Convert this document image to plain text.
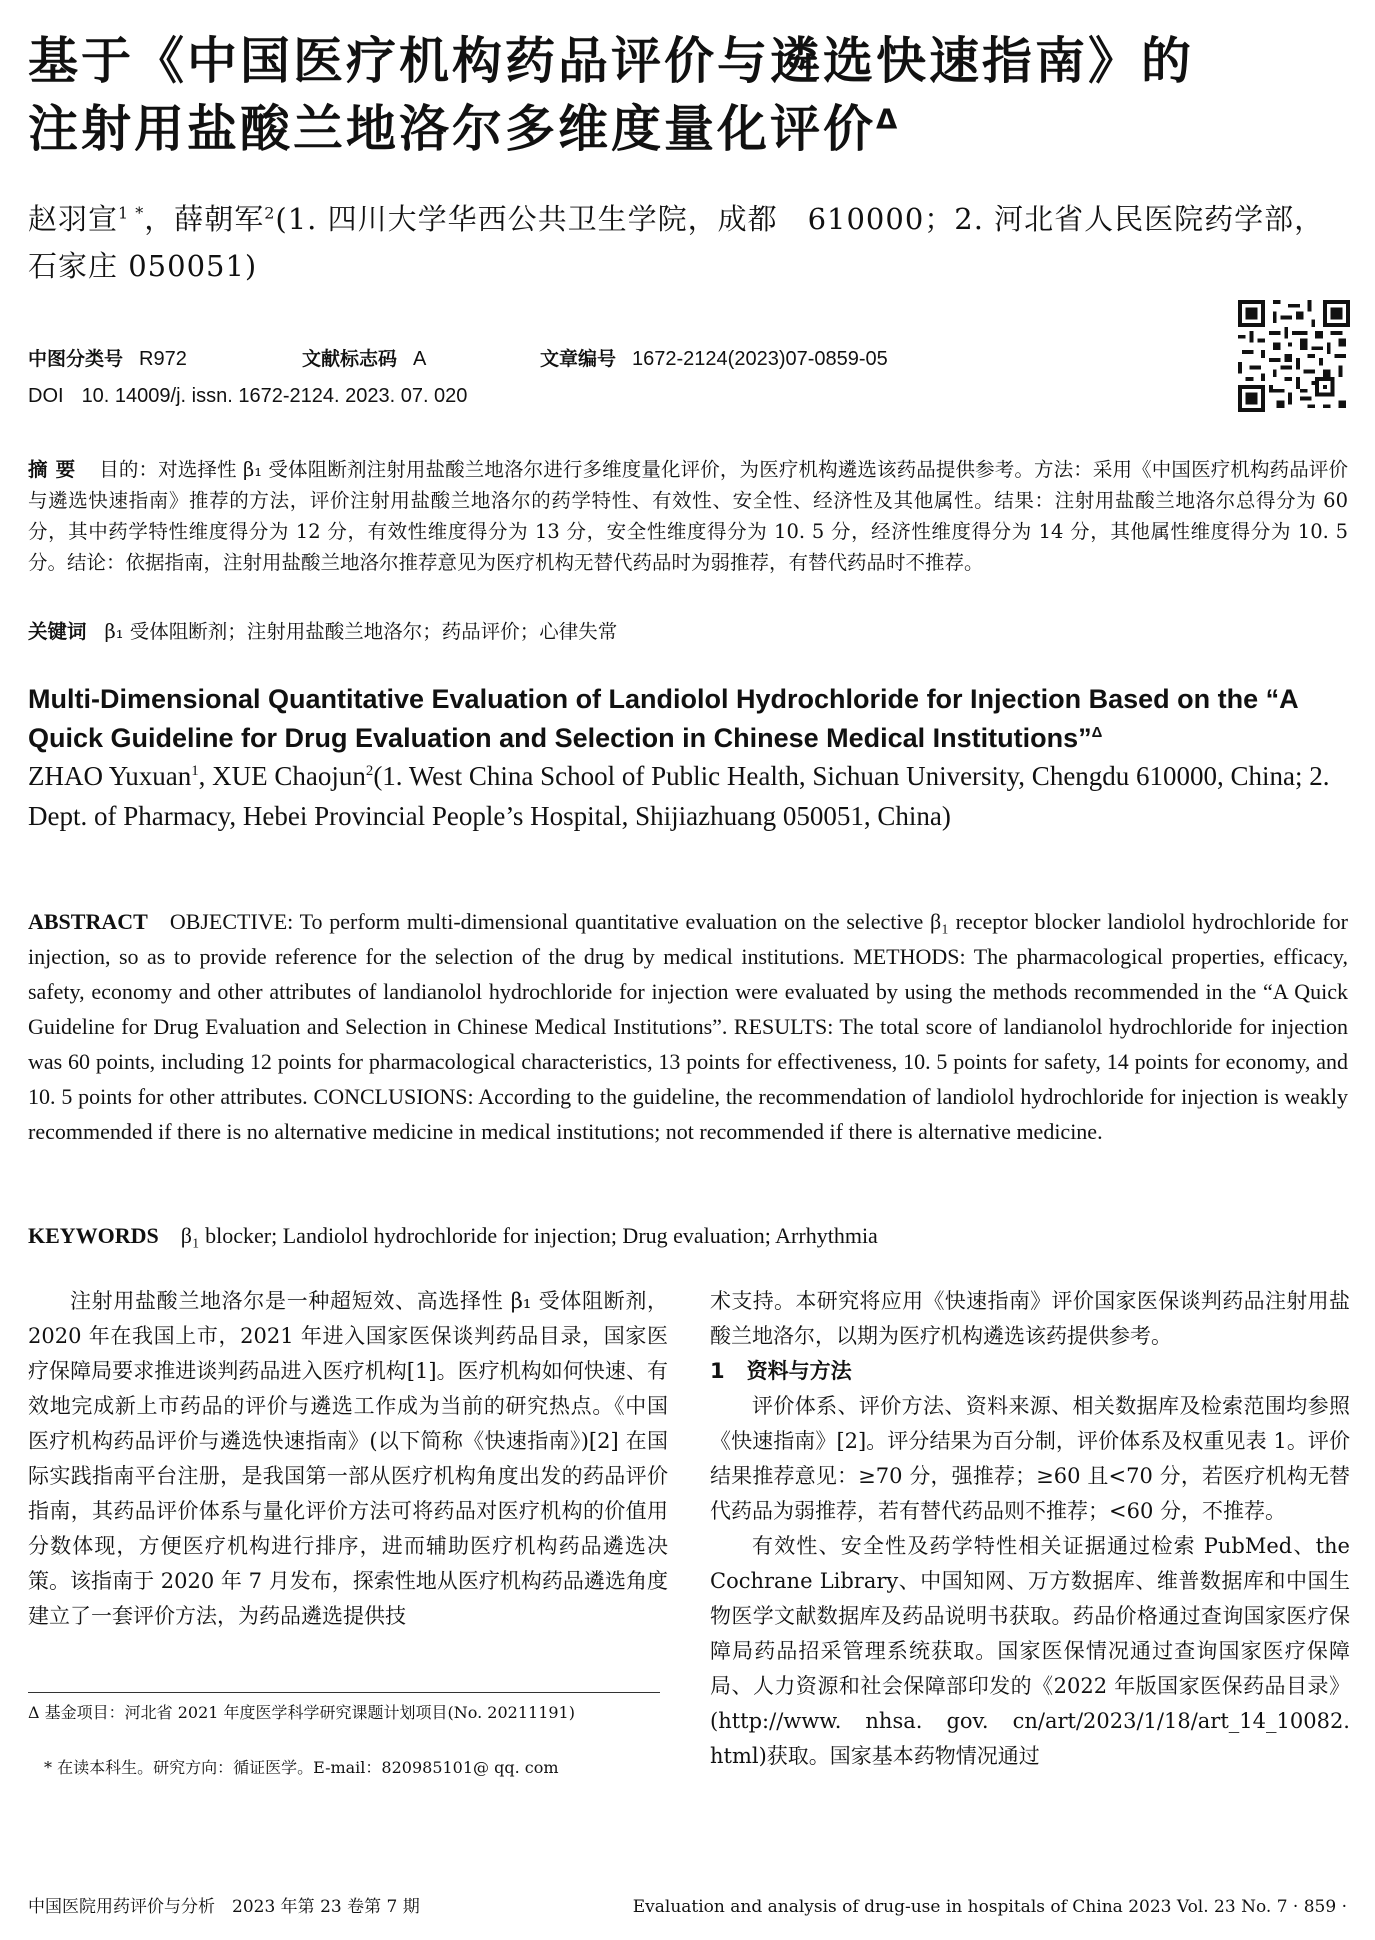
基于《中国医疗机构药品评价与遴选快速指南》的
注射用盐酸兰地洛尔多维度量化评价$^\Delta$
赵羽宣$^{1 *}$，薛朝军$^2$(1. 四川大学华西公共卫生学院，成都　610000；2. 河北省人民医院药学部，石家庄 050051)
中图分类号 R972	文献标志码 A	文章编号 1672-2124(2023)07-0859-05
DOI 10. 14009/j. issn. 1672-2124. 2023. 07. 020
摘要 目的：对选择性 β₁ 受体阻断剂注射用盐酸兰地洛尔进行多维度量化评价，为医疗机构遴选该药品提供参考。方法：采用《中国医疗机构药品评价与遴选快速指南》推荐的方法，评价注射用盐酸兰地洛尔的药学特性、有效性、安全性、经济性及其他属性。结果：注射用盐酸兰地洛尔总得分为 60 分，其中药学特性维度得分为 12 分，有效性维度得分为 13 分，安全性维度得分为 10. 5 分，经济性维度得分为 14 分，其他属性维度得分为 10. 5 分。结论：依据指南，注射用盐酸兰地洛尔推荐意见为医疗机构无替代药品时为弱推荐，有替代药品时不推荐。
关键词 β₁ 受体阻断剂；注射用盐酸兰地洛尔；药品评价；心律失常
Multi-Dimensional Quantitative Evaluation of Landiolol Hydrochloride for Injection Based on the “A Quick Guideline for Drug Evaluation and Selection in Chinese Medical Institutions”$^\Delta$
ZHAO Yuxuan$^1$, XUE Chaojun$^2$(1. West China School of Public Health, Sichuan University, Chengdu 610000, China; 2. Dept. of Pharmacy, Hebei Provincial People’s Hospital, Shijiazhuang 050051, China)
ABSTRACT OBJECTIVE: To perform multi-dimensional quantitative evaluation on the selective β₁ receptor blocker landiolol hydrochloride for injection, so as to provide reference for the selection of the drug by medical institutions. METHODS: The pharmacological properties, efficacy, safety, economy and other attributes of landianolol hydrochloride for injection were evaluated by using the methods recommended in the “A Quick Guideline for Drug Evaluation and Selection in Chinese Medical Institutions”. RESULTS: The total score of landianolol hydrochloride for injection was 60 points, including 12 points for pharmacological characteristics, 13 points for effectiveness, 10. 5 points for safety, 14 points for economy, and 10. 5 points for other attributes. CONCLUSIONS: According to the guideline, the recommendation of landiolol hydrochloride for injection is weakly recommended if there is no alternative medicine in medical institutions; not recommended if there is alternative medicine.
KEYWORDS β₁ blocker; Landiolol hydrochloride for injection; Drug evaluation; Arrhythmia

注射用盐酸兰地洛尔是一种超短效、高选择性 β₁ 受体阻断剂，2020 年在我国上市，2021 年进入国家医保谈判药品目录，国家医疗保障局要求推进谈判药品进入医疗机构[1]。医疗机构如何快速、有效地完成新上市药品的评价与遴选工作成为当前的研究热点。《中国医疗机构药品评价与遴选快速指南》(以下简称《快速指南》)[2] 在国际实践指南平台注册，是我国第一部从医疗机构角度出发的药品评价指南，其药品评价体系与量化评价方法可将药品对医疗机构的价值用分数体现，方便医疗机构进行排序，进而辅助医疗机构药品遴选决策。该指南于 2020 年 7 月发布，探索性地从医疗机构药品遴选角度建立了一套评价方法，为药品遴选提供技

术支持。本研究将应用《快速指南》评价国家医保谈判药品注射用盐酸兰地洛尔，以期为医疗机构遴选该药提供参考。

1 资料与方法

评价体系、评价方法、资料来源、相关数据库及检索范围均参照《快速指南》[2]。评分结果为百分制，评价体系及权重见表 1。评价结果推荐意见：≥70 分，强推荐；≥60 且<70 分，若医疗机构无替代药品为弱推荐，若有替代药品则不推荐；<60 分，不推荐。

有效性、安全性及药学特性相关证据通过检索 PubMed、the Cochrane Library、中国知网、万方数据库、维普数据库和中国生物医学文献数据库及药品说明书获取。药品价格通过查询国家医疗保障局药品招采管理系统获取。国家医保情况通过查询国家医疗保障局、人力资源和社会保障部印发的《2022 年版国家医保药品目录》(http://www. nhsa. gov. cn/art/2023/1/18/art_14_10082. html)获取。国家基本药物情况通过

Δ 基金项目：河北省 2021 年度医学科学研究课题计划项目(No. 20211191)
* 在读本科生。研究方向：循证医学。E-mail：820985101@ qq. com
中国医院用药评价与分析　2023 年第 23 卷第 7 期	Evaluation and analysis of drug-use in hospitals of China 2023 Vol. 23 No. 7 · 859 ·
